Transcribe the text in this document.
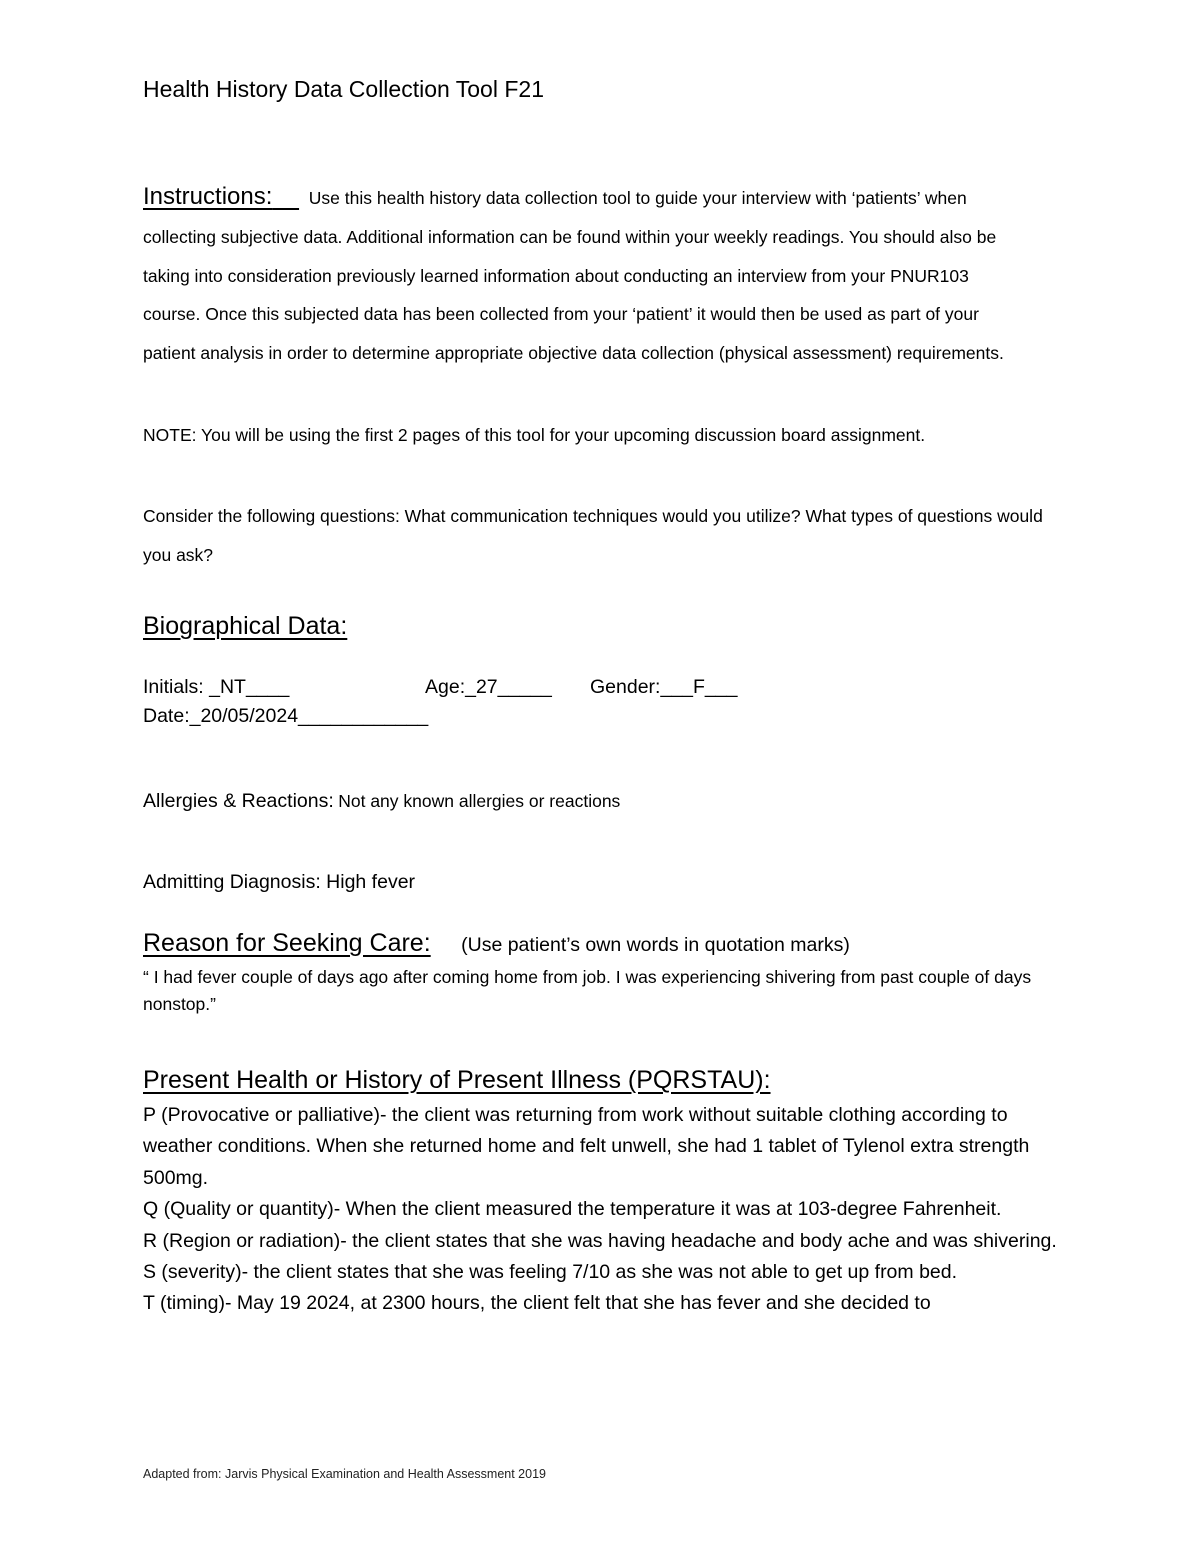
Health History Data Collection Tool F21
Instructions: Use this health history data collection tool to guide your interview with ‘patients’ when collecting subjective data. Additional information can be found within your weekly readings. You should also be taking into consideration previously learned information about conducting an interview from your PNUR103 course. Once this subjected data has been collected from your ‘patient’ it would then be used as part of your patient analysis in order to determine appropriate objective data collection (physical assessment) requirements.
NOTE: You will be using the first 2 pages of this tool for your upcoming discussion board assignment.
Consider the following questions: What communication techniques would you utilize? What types of questions would you ask?
Biographical Data:
Initials: _NT____	Age:_27_____ Gender:___F___
Date:_20/05/2024____________
Allergies & Reactions: Not any known allergies or reactions
Admitting Diagnosis: High fever
Reason for Seeking Care: (Use patient’s own words in quotation marks)
“ I had fever couple of days ago after coming home from job. I was experiencing shivering from past couple of days nonstop.”
Present Health or History of Present Illness (PQRSTAU):
P (Provocative or palliative)- the client was returning from work without suitable clothing according to weather conditions. When she returned home and felt unwell, she had 1 tablet of Tylenol extra strength 500mg.
Q (Quality or quantity)- When the client measured the temperature it was at 103-degree Fahrenheit.
R (Region or radiation)- the client states that she was having headache and body ache and was shivering.
S (severity)- the client states that she was feeling 7/10 as she was not able to get up from bed.
T (timing)- May 19 2024, at 2300 hours, the client felt that she has fever and she decided to
Adapted from: Jarvis Physical Examination and Health Assessment 2019
